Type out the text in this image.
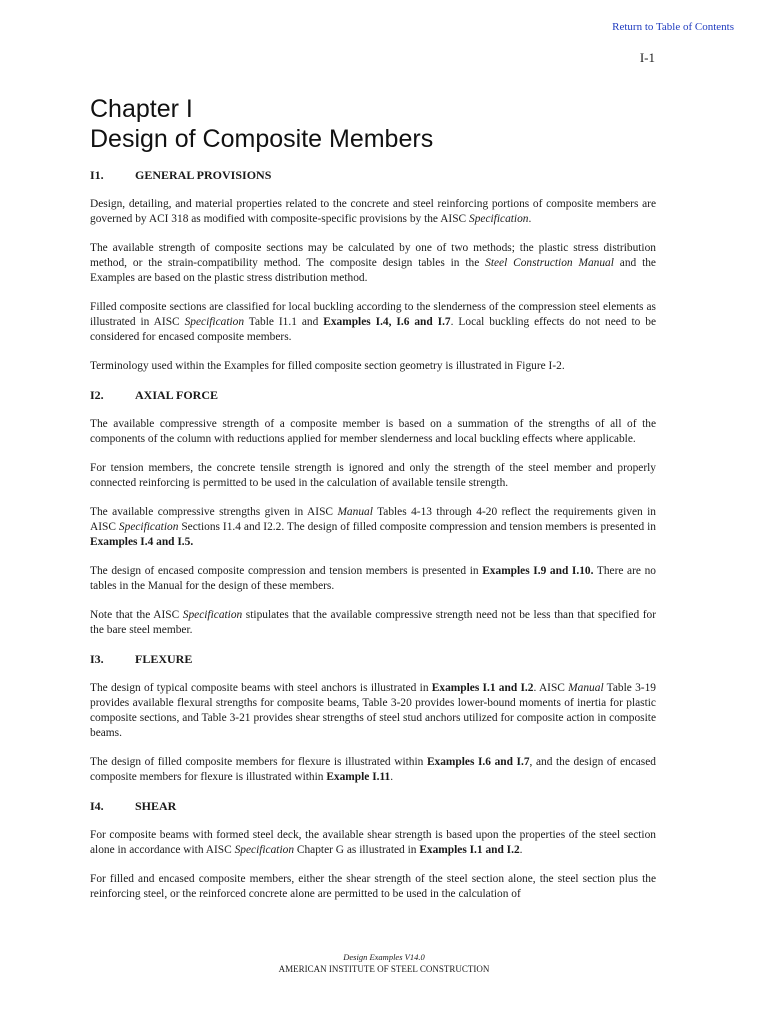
Return to Table of Contents
I-1
Chapter I
Design of Composite Members
I1.	GENERAL PROVISIONS

Design, detailing, and material properties related to the concrete and steel reinforcing portions of composite members are governed by ACI 318 as modified with composite-specific provisions by the AISC Specification.

The available strength of composite sections may be calculated by one of two methods; the plastic stress distribution method, or the strain-compatibility method. The composite design tables in the Steel Construction Manual and the Examples are based on the plastic stress distribution method.

Filled composite sections are classified for local buckling according to the slenderness of the compression steel elements as illustrated in AISC Specification Table I1.1 and Examples I.4, I.6 and I.7. Local buckling effects do not need to be considered for encased composite members.

Terminology used within the Examples for filled composite section geometry is illustrated in Figure I-2.

I2.	AXIAL FORCE

The available compressive strength of a composite member is based on a summation of the strengths of all of the components of the column with reductions applied for member slenderness and local buckling effects where applicable.

For tension members, the concrete tensile strength is ignored and only the strength of the steel member and properly connected reinforcing is permitted to be used in the calculation of available tensile strength.

The available compressive strengths given in AISC Manual Tables 4-13 through 4-20 reflect the requirements given in AISC Specification Sections I1.4 and I2.2. The design of filled composite compression and tension members is presented in Examples I.4 and I.5.

The design of encased composite compression and tension members is presented in Examples I.9 and I.10. There are no tables in the Manual for the design of these members.

Note that the AISC Specification stipulates that the available compressive strength need not be less than that specified for the bare steel member.

I3.	FLEXURE

The design of typical composite beams with steel anchors is illustrated in Examples I.1 and I.2. AISC Manual Table 3-19 provides available flexural strengths for composite beams, Table 3-20 provides lower-bound moments of inertia for plastic composite sections, and Table 3-21 provides shear strengths of steel stud anchors utilized for composite action in composite beams.

The design of filled composite members for flexure is illustrated within Examples I.6 and I.7, and the design of encased composite members for flexure is illustrated within Example I.11.

I4.	SHEAR

For composite beams with formed steel deck, the available shear strength is based upon the properties of the steel section alone in accordance with AISC Specification Chapter G as illustrated in Examples I.1 and I.2.

For filled and encased composite members, either the shear strength of the steel section alone, the steel section plus the reinforcing steel, or the reinforced concrete alone are permitted to be used in the calculation of

Design Examples V14.0
AMERICAN INSTITUTE OF STEEL CONSTRUCTION
